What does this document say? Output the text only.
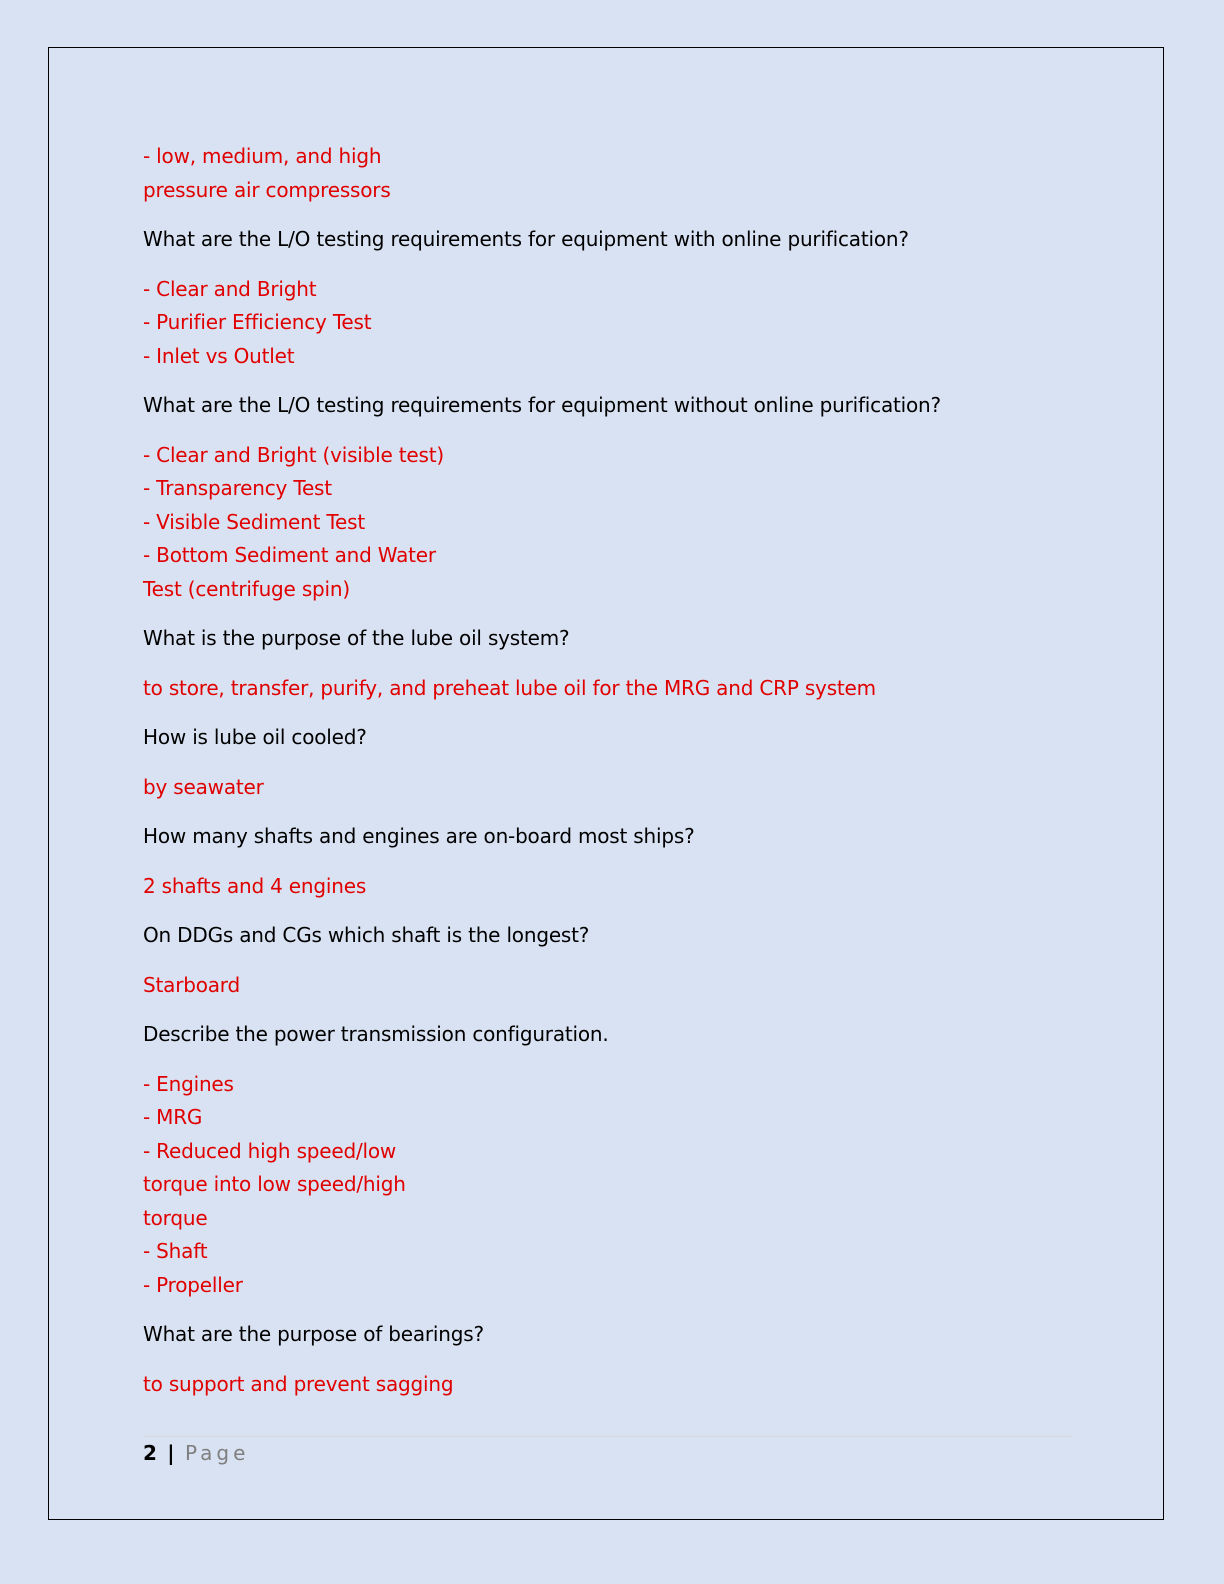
- low, medium, and high
pressure air compressors
What are the L/O testing requirements for equipment with online purification?
- Clear and Bright
- Purifier Efficiency Test
- Inlet vs Outlet
What are the L/O testing requirements for equipment without online purification?
- Clear and Bright (visible test)
- Transparency Test
- Visible Sediment Test
- Bottom Sediment and Water
Test (centrifuge spin)
What is the purpose of the lube oil system?
to store, transfer, purify, and preheat lube oil for the MRG and CRP system
How is lube oil cooled?
by seawater
How many shafts and engines are on-board most ships?
2 shafts and 4 engines
On DDGs and CGs which shaft is the longest?
Starboard
Describe the power transmission configuration.
- Engines
- MRG
- Reduced high speed/low
torque into low speed/high
torque
- Shaft
- Propeller
What are the purpose of bearings?
to support and prevent sagging
2 | Page
